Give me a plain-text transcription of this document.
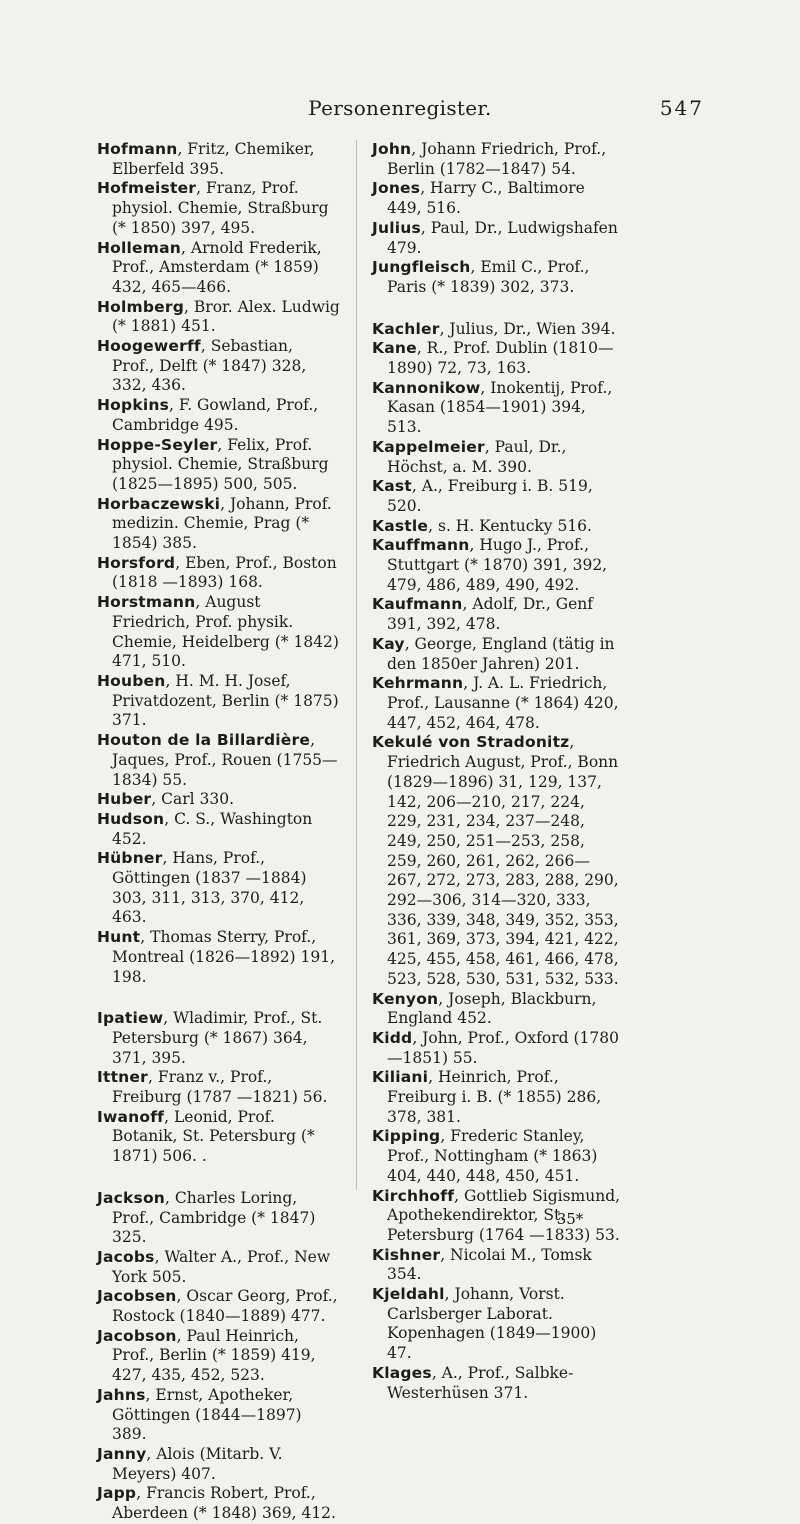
Personenregister.	547

Hofmann, Fritz, Chemiker, Elberfeld 395.

Hofmeister, Franz, Prof. physiol. Chemie, Straßburg (* 1850) 397, 495.

Holleman, Arnold Frederik, Prof., Amsterdam (* 1859) 432, 465—466.

Holmberg, Bror. Alex. Ludwig (* 1881) 451.

Hoogewerff, Sebastian, Prof., Delft (* 1847) 328, 332, 436.

Hopkins, F. Gowland, Prof., Cambridge 495.

Hoppe-Seyler, Felix, Prof. physiol. Chemie, Straßburg (1825—1895) 500, 505.

Horbaczewski, Johann, Prof. medizin. Chemie, Prag (* 1854) 385.

Horsford, Eben, Prof., Boston (1818 —1893) 168.

Horstmann, August Friedrich, Prof. physik. Chemie, Heidelberg (* 1842) 471, 510.

Houben, H. M. H. Josef, Privatdozent, Berlin (* 1875) 371.

Houton de la Billardière, Jaques, Prof., Rouen (1755—1834) 55.

Huber, Carl 330.

Hudson, C. S., Washington 452.

Hübner, Hans, Prof., Göttingen (1837 —1884) 303, 311, 313, 370, 412, 463.

Hunt, Thomas Sterry, Prof., Montreal (1826—1892) 191, 198.

Ipatiew, Wladimir, Prof., St. Petersburg (* 1867) 364, 371, 395.

Ittner, Franz v., Prof., Freiburg (1787 —1821) 56.

Iwanoff, Leonid, Prof. Botanik, St. Petersburg (* 1871) 506. .

Jackson, Charles Loring, Prof., Cambridge (* 1847) 325.

Jacobs, Walter A., Prof., New York 505.

Jacobsen, Oscar Georg, Prof., Rostock (1840—1889) 477.

Jacobson, Paul Heinrich, Prof., Berlin (* 1859) 419, 427, 435, 452, 523.

Jahns, Ernst, Apotheker, Göttingen (1844—1897) 389.

Janny, Alois (Mitarb. V. Meyers) 407.

Japp, Francis Robert, Prof., Aberdeen (* 1848) 369, 412.

John, Johann Friedrich, Prof., Berlin (1782—1847) 54.

Jones, Harry C., Baltimore 449, 516.

Julius, Paul, Dr., Ludwigshafen 479.

Jungfleisch, Emil C., Prof., Paris (* 1839) 302, 373.

Kachler, Julius, Dr., Wien 394.

Kane, R., Prof. Dublin (1810—1890) 72, 73, 163.

Kannonikow, Inokentij, Prof., Kasan (1854—1901) 394, 513.

Kappelmeier, Paul, Dr., Höchst, a. M. 390.

Kast, A., Freiburg i. B. 519, 520.

Kastle, s. H. Kentucky 516.

Kauffmann, Hugo J., Prof., Stuttgart (* 1870) 391, 392, 479, 486, 489, 490, 492.

Kaufmann, Adolf, Dr., Genf 391, 392, 478.

Kay, George, England (tätig in den 1850er Jahren) 201.

Kehrmann, J. A. L. Friedrich, Prof., Lausanne (* 1864) 420, 447, 452, 464, 478.

Kekulé von Stradonitz, Friedrich August, Prof., Bonn (1829—1896) 31, 129, 137, 142, 206—210, 217, 224, 229, 231, 234, 237—248, 249, 250, 251—253, 258, 259, 260, 261, 262, 266—267, 272, 273, 283, 288, 290, 292—306, 314—320, 333, 336, 339, 348, 349, 352, 353, 361, 369, 373, 394, 421, 422, 425, 455, 458, 461, 466, 478, 523, 528, 530, 531, 532, 533.

Kenyon, Joseph, Blackburn, England 452.

Kidd, John, Prof., Oxford (1780—1851) 55.

Kiliani, Heinrich, Prof., Freiburg i. B. (* 1855) 286, 378, 381.

Kipping, Frederic Stanley, Prof., Nottingham (* 1863) 404, 440, 448, 450, 451.

Kirchhoff, Gottlieb Sigismund, Apothekendirektor, St. Petersburg (1764 —1833) 53.

Kishner, Nicolai M., Tomsk 354.

Kjeldahl, Johann, Vorst. Carlsberger Laborat. Kopenhagen (1849—1900) 47.

Klages, A., Prof., Salbke-Westerhüsen 371.

35*
